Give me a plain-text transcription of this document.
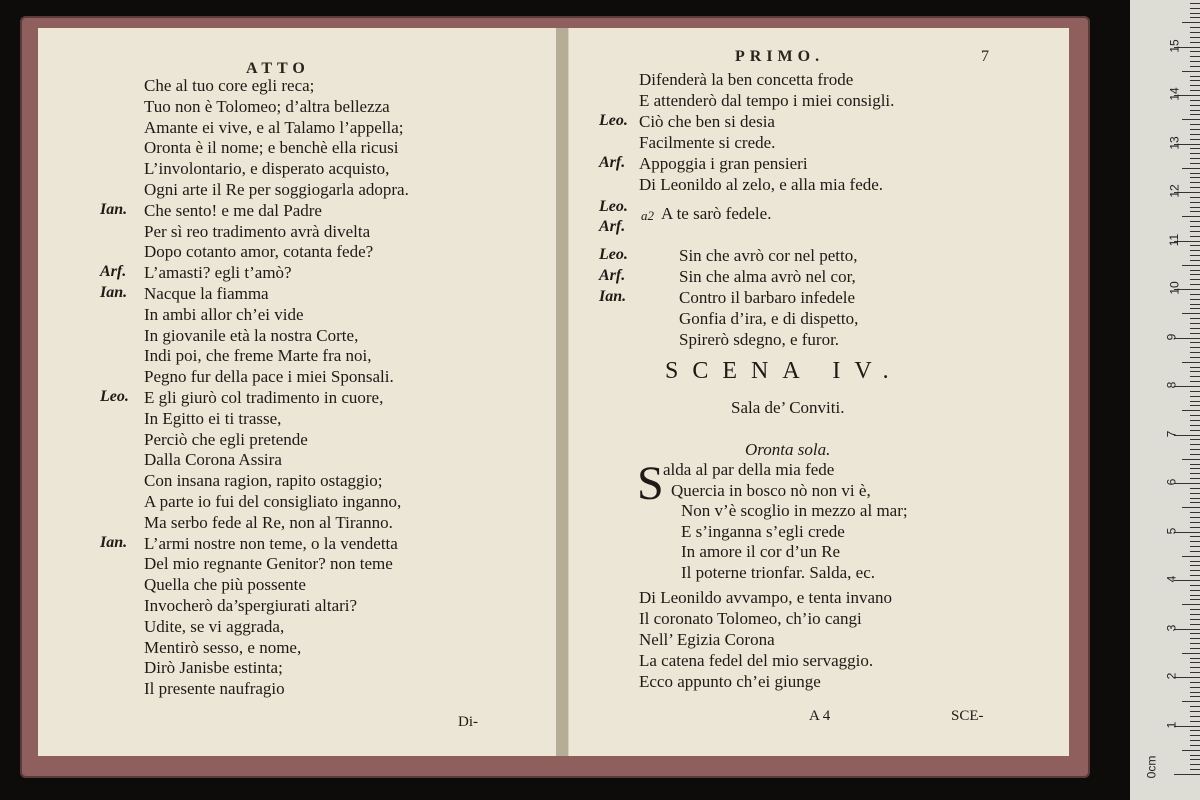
ATTO
Che al tuo core egli reca;
Tuo non è Tolomeo; d’altra bellezza
Amante ei vive, e al Talamo l’appella;
Oronta è il nome; e benchè ella ricusi
L’involontario, e disperato acquisto,
Ogni arte il Re per soggiogarla adopra.
Ian. Che sento! e me dal Padre
Per sì reo tradimento avrà divelta
Dopo cotanto amor, cotanta fede?
Arf. L’amasti? egli t’amò?
Ian. Nacque la fiamma
In ambi allor ch’ei vide
In giovanile età la nostra Corte,
Indi poi, che freme Marte fra noi,
Pegno fur della pace i miei Sponsali.
Leo. E gli giurò col tradimento in cuore,
In Egitto ei ti trasse,
Perciò che egli pretende
Dalla Corona Assira
Con insana ragion, rapito ostaggio;
A parte io fui del consigliato inganno,
Ma serbo fede al Re, non al Tiranno.
Ian. L’armi nostre non teme, o la vendetta
Del mio regnante Genitor? non teme
Quella che più possente
Invocherò da’spergiurati altari?
Udite, se vi aggrada,
Mentirò sesso, e nome,
Dirò Janisbe estinta;
Il presente naufragio
Di-
PRIMO.	7
Difenderà la ben concetta frode
E attenderò dal tempo i miei consigli.
Leo. Ciò che ben si desia
Facilmente si crede.
Arf. Appoggia i gran pensieri
Di Leonildo al zelo, e alla mia fede.
Leo.
Arf.
a2 A te sarò fedele.
Leo.	Sin che avrò cor nel petto,
Arf.	Sin che alma avrò nel cor,
Ian.	Contro il barbaro infedele
Gonfia d’ira, e di dispetto,
Spirerò sdegno, e furor.
SCENA IV.
Sala de’ Conviti.
Oronta sola.
S alda al par della mia fede
Quercia in bosco nò non vi è,
Non v’è scoglio in mezzo al mar;
E s’inganna s’egli crede
In amore il cor d’un Re
Il poterne trionfar. Salda, ec.
Di Leonildo avvampo, e tenta invano
Il coronato Tolomeo, ch’io cangi
Nell’ Egizia Corona
La catena fedel del mio servaggio.
Ecco appunto ch’ei giunge
A 4	SCE-
0cm
1
2
3
4
5
6
7
8
9
10
11
12
13
14
15
